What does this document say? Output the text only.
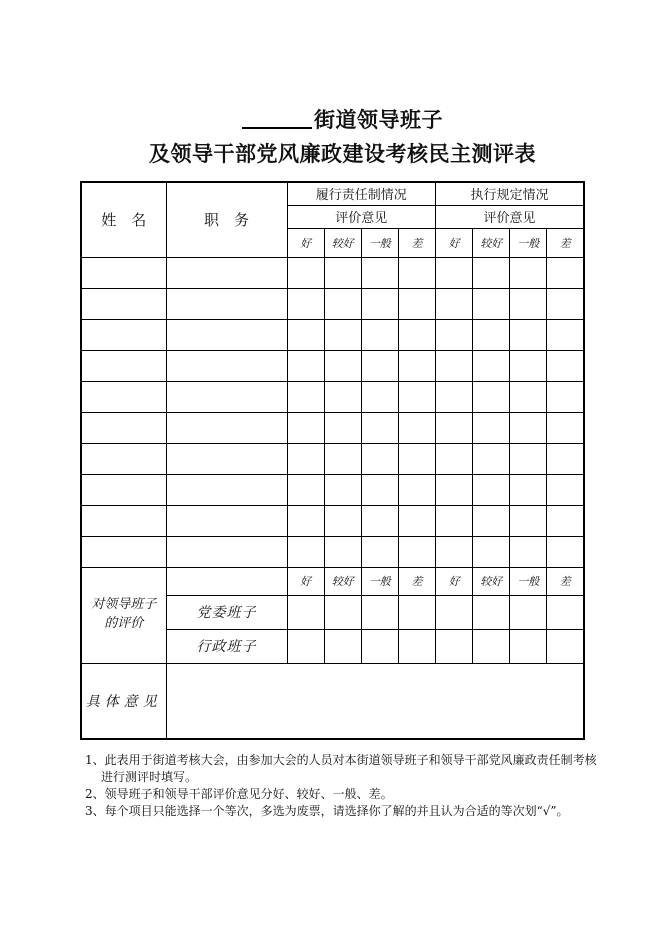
街道领导班子
及领导干部党风廉政建设考核民主测评表
姓　名	职　务	履行责任制情况				执行规定情况			
		评价意见				评价意见			
		好	较好	一般	差	好	较好	一般	差

对领导班子
的评价		好	较好	一般	差	好	较好	一般	差
	党委班子								
	行政班子								
具体意见									

1、此表用于街道考核大会，由参加大会的人员对本街道领导班子和领导干部党风廉政责任制考核进行测评时填写。

2、领导班子和领导干部评价意见分好、较好、一般、差。

3、每个项目只能选择一个等次，多选为废票，请选择你了解的并且认为合适的等次划“√”。
